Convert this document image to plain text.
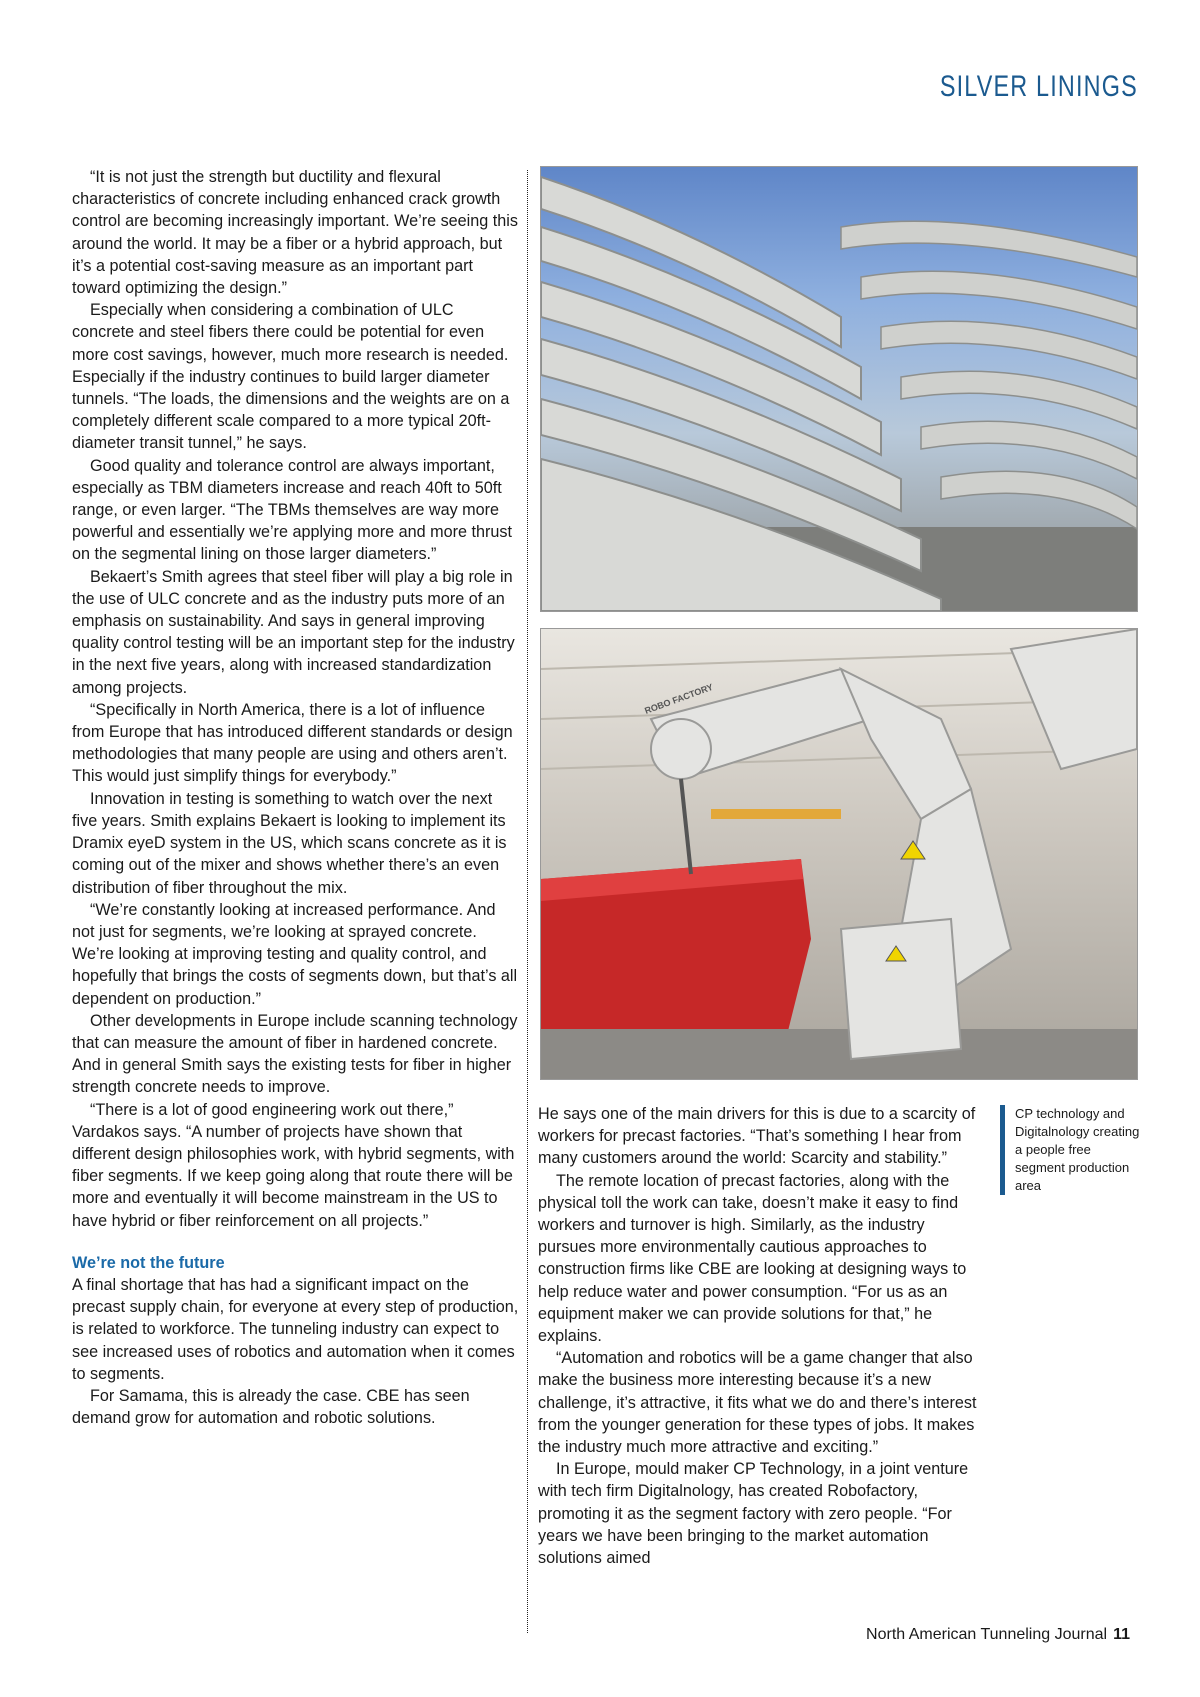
SILVER LININGS

“It is not just the strength but ductility and flexural characteristics of concrete including enhanced crack growth control are becoming increasingly important. We’re seeing this around the world. It may be a fiber or a hybrid approach, but it’s a potential cost-saving measure as an important part toward optimizing the design.”

Especially when considering a combination of ULC concrete and steel fibers there could be potential for even more cost savings, however, much more research is needed. Especially if the industry continues to build larger diameter tunnels. “The loads, the dimensions and the weights are on a completely different scale compared to a more typical 20ft-diameter transit tunnel,” he says.

Good quality and tolerance control are always important, especially as TBM diameters increase and reach 40ft to 50ft range, or even larger. “The TBMs themselves are way more powerful and essentially we’re applying more and more thrust on the segmental lining on those larger diameters.”

Bekaert’s Smith agrees that steel fiber will play a big role in the use of ULC concrete and as the industry puts more of an emphasis on sustainability. And says in general improving quality control testing will be an important step for the industry in the next five years, along with increased standardization among projects.

“Specifically in North America, there is a lot of influence from Europe that has introduced different standards or design methodologies that many people are using and others aren’t. This would just simplify things for everybody.”

Innovation in testing is something to watch over the next five years. Smith explains Bekaert is looking to implement its Dramix eyeD system in the US, which scans concrete as it is coming out of the mixer and shows whether there’s an even distribution of fiber throughout the mix.

“We’re constantly looking at increased performance. And not just for segments, we’re looking at sprayed concrete. We’re looking at improving testing and quality control, and hopefully that brings the costs of segments down, but that’s all dependent on production.”

Other developments in Europe include scanning technology that can measure the amount of fiber in hardened concrete. And in general Smith says the existing tests for fiber in higher strength concrete needs to improve.

“There is a lot of good engineering work out there,” Vardakos says. “A number of projects have shown that different design philosophies work, with hybrid segments, with fiber segments. If we keep going along that route there will be more and eventually it will become mainstream in the US to have hybrid or fiber reinforcement on all projects.”

We’re not the future

A final shortage that has had a significant impact on the precast supply chain, for everyone at every step of production, is related to workforce. The tunneling industry can expect to see increased uses of robotics and automation when it comes to segments.

For Samama, this is already the case. CBE has seen demand grow for automation and robotic solutions.

ROBO FACTORY

He says one of the main drivers for this is due to a scarcity of workers for precast factories. “That’s something I hear from many customers around the world: Scarcity and stability.”

The remote location of precast factories, along with the physical toll the work can take, doesn’t make it easy to find workers and turnover is high. Similarly, as the industry pursues more environmentally cautious approaches to construction firms like CBE are looking at designing ways to help reduce water and power consumption. “For us as an equipment maker we can provide solutions for that,” he explains.

“Automation and robotics will be a game changer that also make the business more interesting because it’s a new challenge, it’s attractive, it fits what we do and there’s interest from the younger generation for these types of jobs. It makes the industry much more attractive and exciting.”

In Europe, mould maker CP Technology, in a joint venture with tech firm Digitalnology, has created Robofactory, promoting it as the segment factory with zero people. “For years we have been bringing to the market automation solutions aimed

CP technology and Digitalnology creating a people free segment production area
North American Tunneling Journal 11
